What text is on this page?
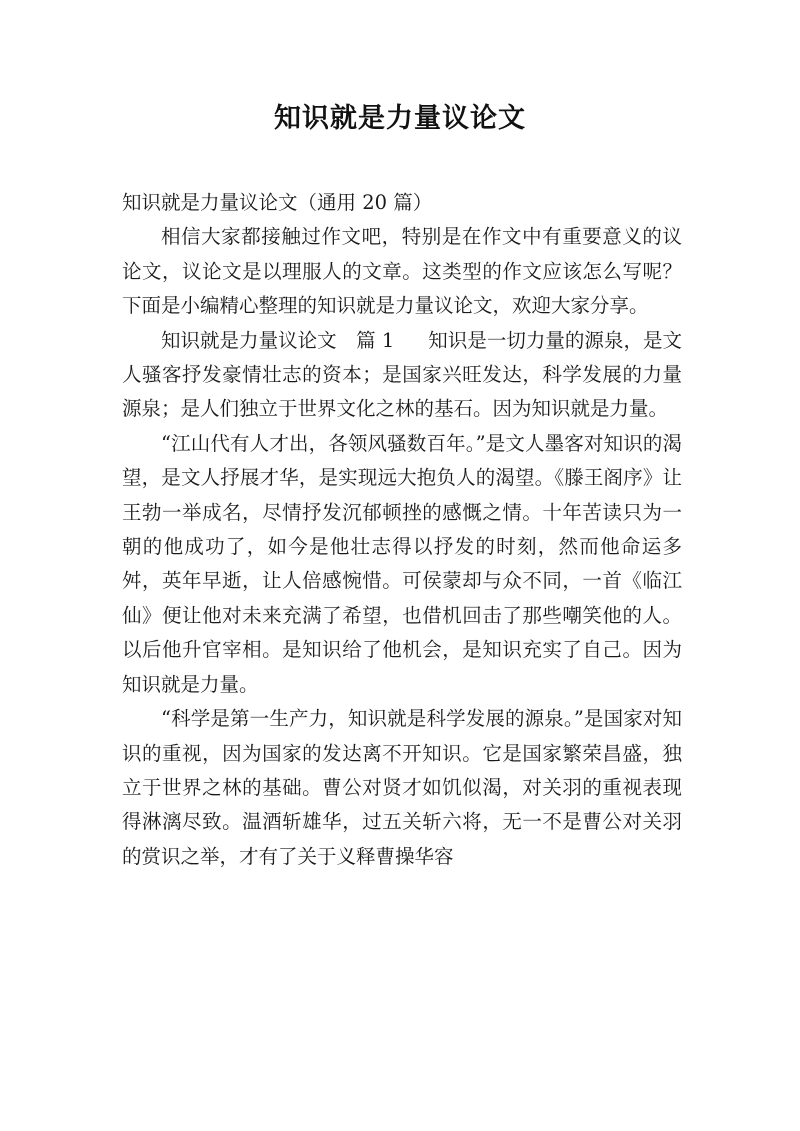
知识就是力量议论文

知识就是力量议论文（通用 20 篇）

相信大家都接触过作文吧，特别是在作文中有重要意义的议论文，议论文是以理服人的文章。这类型的作文应该怎么写呢？下面是小编精心整理的知识就是力量议论文，欢迎大家分享。

知识就是力量议论文　篇 1 知识是一切力量的源泉，是文人骚客抒发豪情壮志的资本；是国家兴旺发达，科学发展的力量源泉；是人们独立于世界文化之林的基石。因为知识就是力量。

“江山代有人才出，各领风骚数百年。”是文人墨客对知识的渴望，是文人抒展才华，是实现远大抱负人的渴望。《滕王阁序》让王勃一举成名，尽情抒发沉郁顿挫的感慨之情。十年苦读只为一朝的他成功了，如今是他壮志得以抒发的时刻，然而他命运多舛，英年早逝，让人倍感惋惜。可侯蒙却与众不同，一首《临江仙》便让他对未来充满了希望，也借机回击了那些嘲笑他的人。以后他升官宰相。是知识给了他机会，是知识充实了自己。因为知识就是力量。

“科学是第一生产力，知识就是科学发展的源泉。”是国家对知识的重视，因为国家的发达离不开知识。它是国家繁荣昌盛，独立于世界之林的基础。曹公对贤才如饥似渴，对关羽的重视表现得淋漓尽致。温酒斩雄华，过五关斩六将，无一不是曹公对关羽的赏识之举，才有了关于义释曹操华容
